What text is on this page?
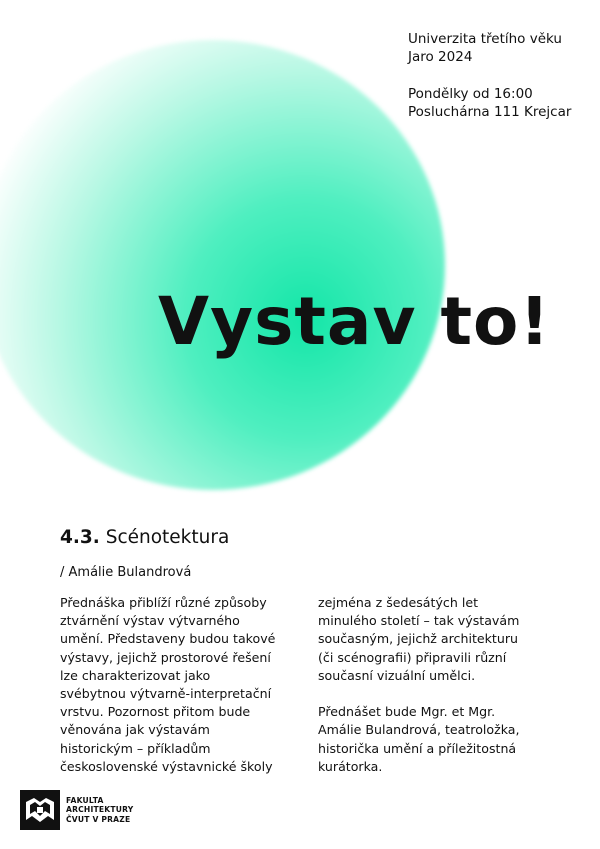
Univerzita třetího věku
Jaro 2024
Pondělky od 16:00
Posluchárna 111 Krejcar
Vystav to!
4.3. Scénotektura
/ Amálie Bulandrová
Přednáška přiblíží různé způsoby
ztvárnění výstav výtvarného
umění. Představeny budou takové
výstavy, jejichž prostorové řešení
lze charakterizovat jako
svébytnou výtvarně-interpretační
vrstvu. Pozornost přitom bude
věnována jak výstavám
historickým – příkladům
československé výstavnické školy
zejména z šedesátých let
minulého století – tak výstavám
současným, jejichž architekturu
(či scénografii) připravili různí
současní vizuální umělci.
Přednášet bude Mgr. et Mgr.
Amálie Bulandrová, teatroložka,
historička umění a příležitostná
kurátorka.
FAKULTA
ARCHITEKTURY
ČVUT V PRAZE
